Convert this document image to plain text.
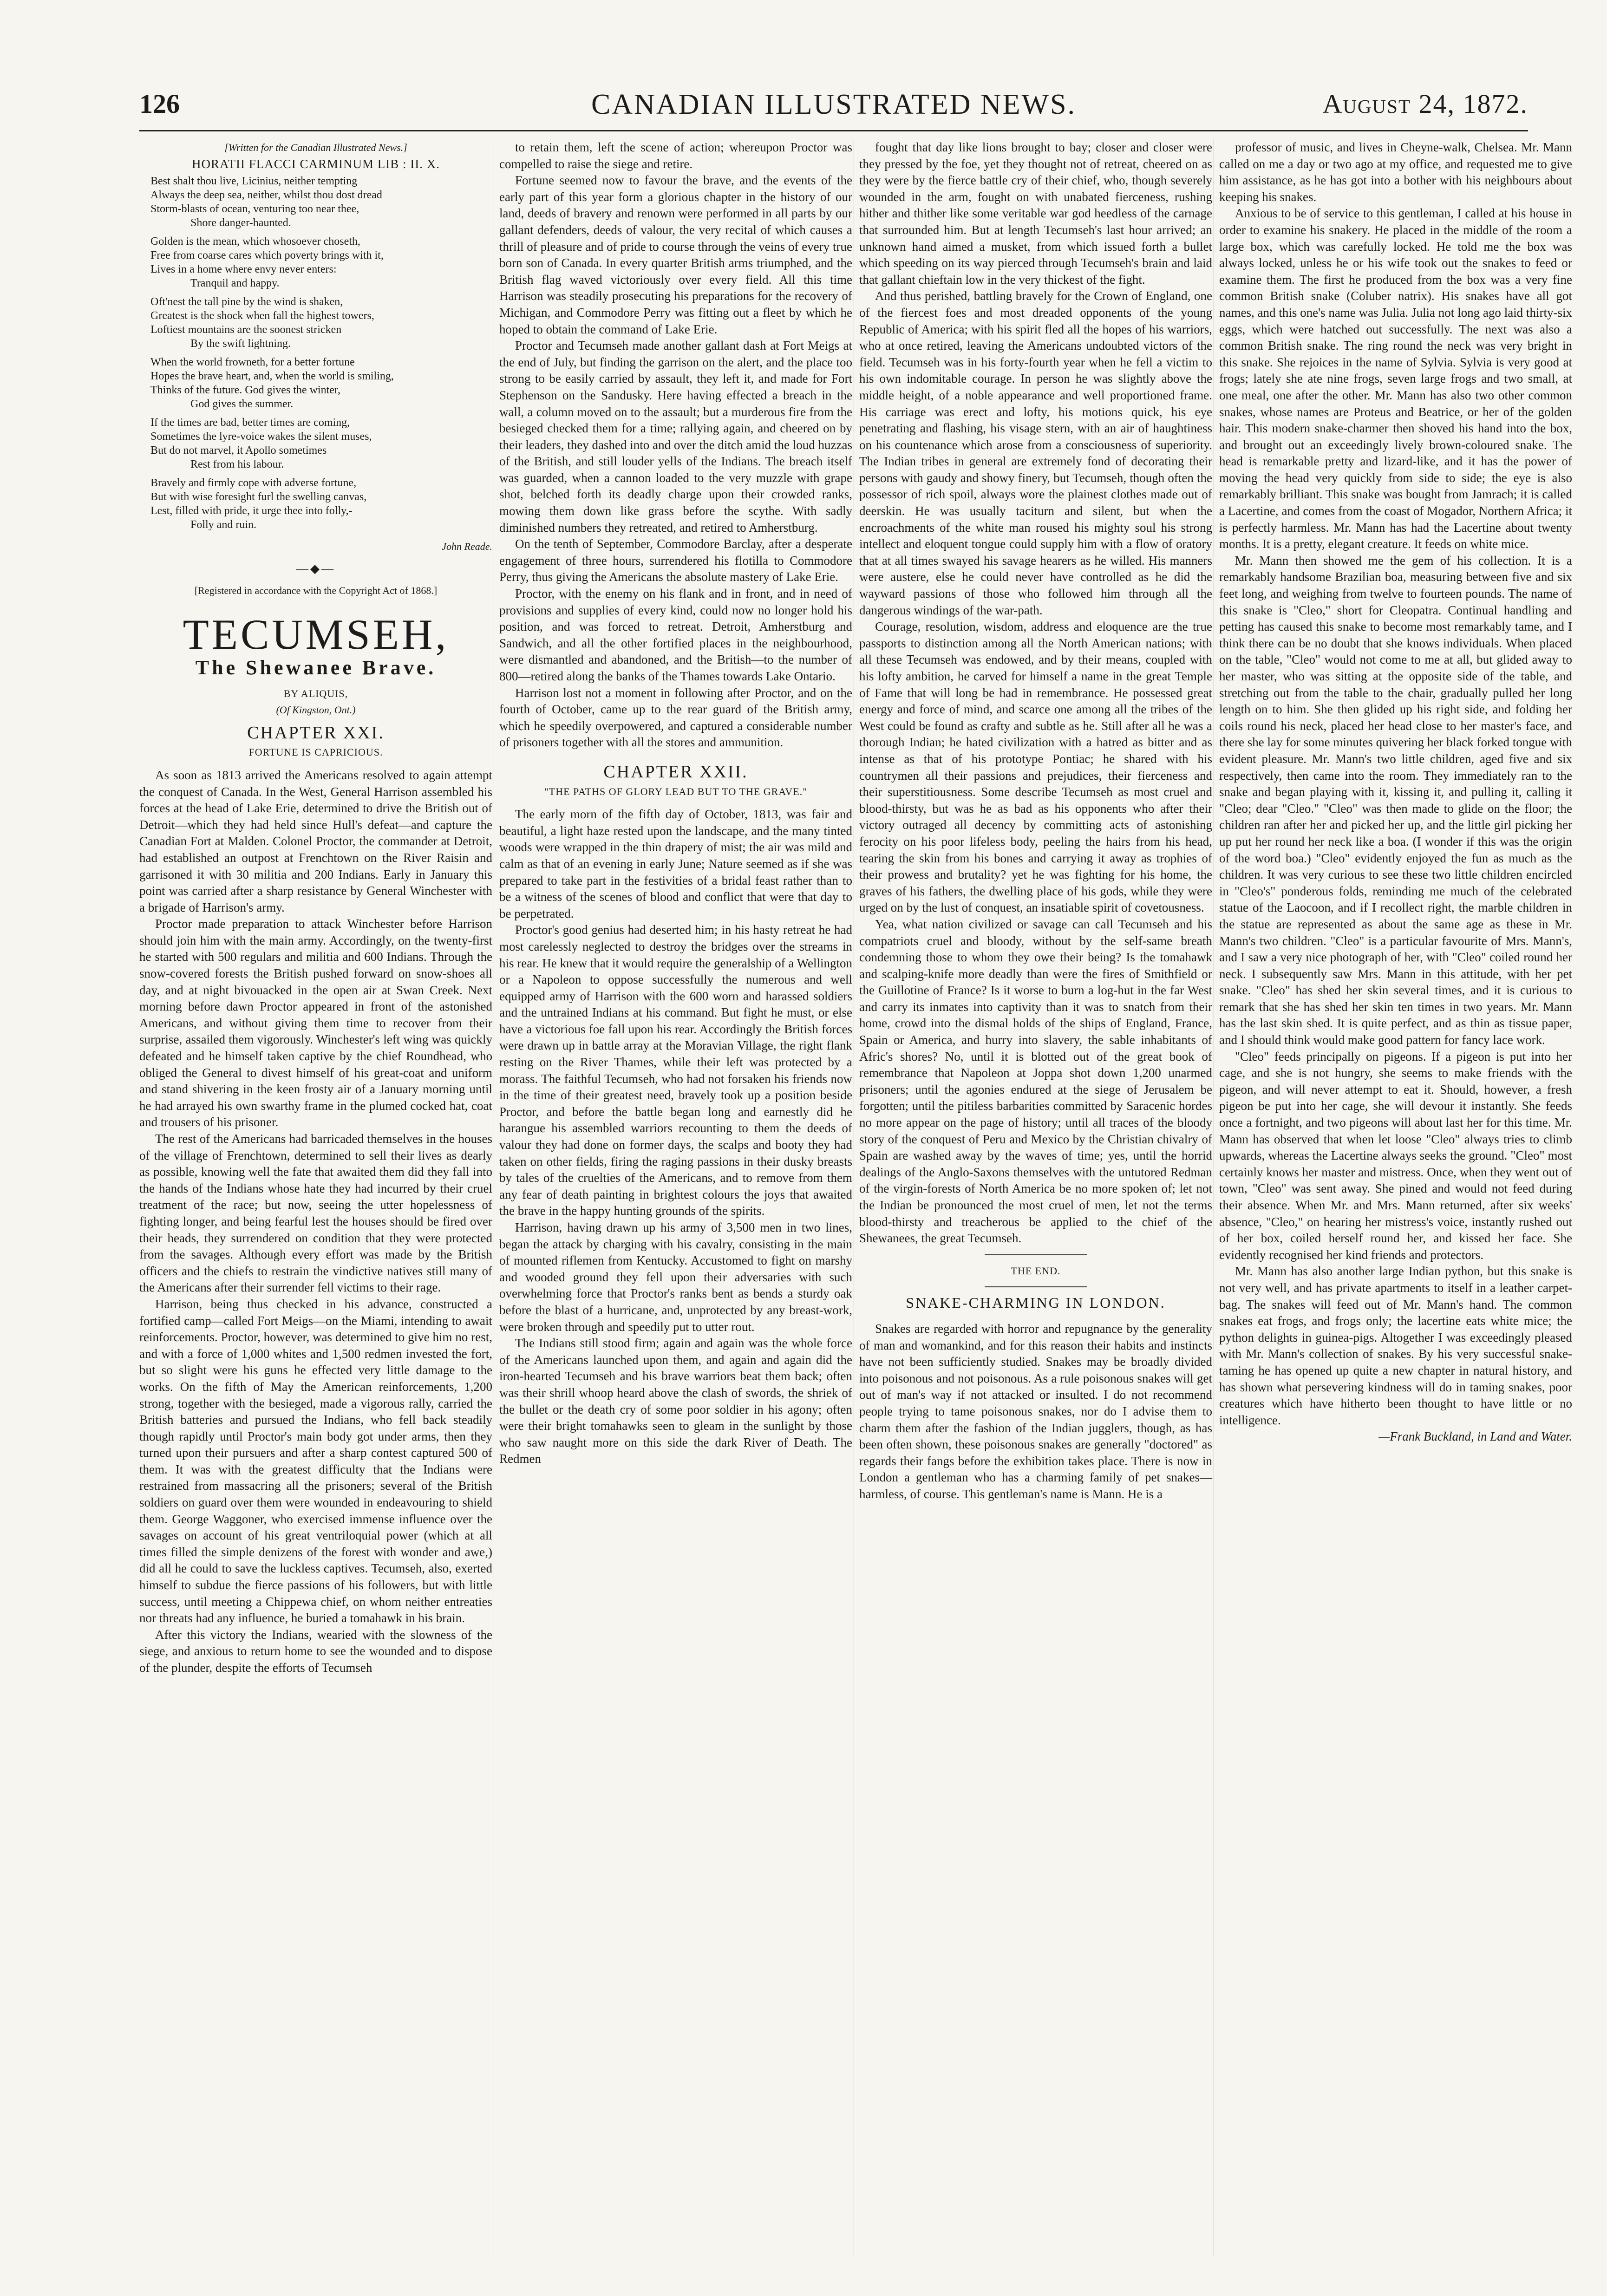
126	CANADIAN ILLUSTRATED NEWS.	August 24, 1872.

[Written for the Canadian Illustrated News.]

HORATII FLACCI CARMINUM LIB : II. X.

Best shalt thou live, Licinius, neither tempting
Always the deep sea, neither, whilst thou dost dread
Storm-blasts of ocean, venturing too near thee,
Shore danger-haunted.
Golden is the mean, which whosoever choseth,
Free from coarse cares which poverty brings with it,
Lives in a home where envy never enters:
Tranquil and happy.
Oft'nest the tall pine by the wind is shaken,
Greatest is the shock when fall the highest towers,
Loftiest mountains are the soonest stricken
By the swift lightning.
When the world frowneth, for a better fortune
Hopes the brave heart, and, when the world is smiling,
Thinks of the future. God gives the winter,
God gives the summer.
If the times are bad, better times are coming,
Sometimes the lyre-voice wakes the silent muses,
But do not marvel, it Apollo sometimes
Rest from his labour.
Bravely and firmly cope with adverse fortune,
But with wise foresight furl the swelling canvas,
Lest, filled with pride, it urge thee into folly,-
Folly and ruin.

John Reade.

—◆—

[Registered in accordance with the Copyright Act of 1868.]

TECUMSEH,
The Shewanee Brave.

BY ALIQUIS,

(Of Kingston, Ont.)

CHAPTER XXI.

FORTUNE IS CAPRICIOUS.

As soon as 1813 arrived the Americans resolved to again attempt the conquest of Canada. In the West, General Harrison assembled his forces at the head of Lake Erie, determined to drive the British out of Detroit—which they had held since Hull's defeat—and capture the Canadian Fort at Malden. Colonel Proctor, the commander at Detroit, had established an outpost at Frenchtown on the River Raisin and garrisoned it with 30 militia and 200 Indians. Early in January this point was carried after a sharp resistance by General Winchester with a brigade of Harrison's army.

Proctor made preparation to attack Winchester before Harrison should join him with the main army. Accordingly, on the twenty-first he started with 500 regulars and militia and 600 Indians. Through the snow-covered forests the British pushed forward on snow-shoes all day, and at night bivouacked in the open air at Swan Creek. Next morning before dawn Proctor appeared in front of the astonished Americans, and without giving them time to recover from their surprise, assailed them vigorously. Winchester's left wing was quickly defeated and he himself taken captive by the chief Roundhead, who obliged the General to divest himself of his great-coat and uniform and stand shivering in the keen frosty air of a January morning until he had arrayed his own swarthy frame in the plumed cocked hat, coat and trousers of his prisoner.

The rest of the Americans had barricaded themselves in the houses of the village of Frenchtown, determined to sell their lives as dearly as possible, knowing well the fate that awaited them did they fall into the hands of the Indians whose hate they had incurred by their cruel treatment of the race; but now, seeing the utter hopelessness of fighting longer, and being fearful lest the houses should be fired over their heads, they surrendered on condition that they were protected from the savages. Although every effort was made by the British officers and the chiefs to restrain the vindictive natives still many of the Americans after their surrender fell victims to their rage.

Harrison, being thus checked in his advance, constructed a fortified camp—called Fort Meigs—on the Miami, intending to await reinforcements. Proctor, however, was determined to give him no rest, and with a force of 1,000 whites and 1,500 redmen invested the fort, but so slight were his guns he effected very little damage to the works. On the fifth of May the American reinforcements, 1,200 strong, together with the besieged, made a vigorous rally, carried the British batteries and pursued the Indians, who fell back steadily though rapidly until Proctor's main body got under arms, then they turned upon their pursuers and after a sharp contest captured 500 of them. It was with the greatest difficulty that the Indians were restrained from massacring all the prisoners; several of the British soldiers on guard over them were wounded in endeavouring to shield them. George Waggoner, who exercised immense influence over the savages on account of his great ventriloquial power (which at all times filled the simple denizens of the forest with wonder and awe,) did all he could to save the luckless captives. Tecumseh, also, exerted himself to subdue the fierce passions of his followers, but with little success, until meeting a Chippewa chief, on whom neither entreaties nor threats had any influence, he buried a tomahawk in his brain.

After this victory the Indians, wearied with the slowness of the siege, and anxious to return home to see the wounded and to dispose of the plunder, despite the efforts of Tecumseh

to retain them, left the scene of action; whereupon Proctor was compelled to raise the siege and retire.

Fortune seemed now to favour the brave, and the events of the early part of this year form a glorious chapter in the history of our land, deeds of bravery and renown were performed in all parts by our gallant defenders, deeds of valour, the very recital of which causes a thrill of pleasure and of pride to course through the veins of every true born son of Canada. In every quarter British arms triumphed, and the British flag waved victoriously over every field. All this time Harrison was steadily prosecuting his preparations for the recovery of Michigan, and Commodore Perry was fitting out a fleet by which he hoped to obtain the command of Lake Erie.

Proctor and Tecumseh made another gallant dash at Fort Meigs at the end of July, but finding the garrison on the alert, and the place too strong to be easily carried by assault, they left it, and made for Fort Stephenson on the Sandusky. Here having effected a breach in the wall, a column moved on to the assault; but a murderous fire from the besieged checked them for a time; rallying again, and cheered on by their leaders, they dashed into and over the ditch amid the loud huzzas of the British, and still louder yells of the Indians. The breach itself was guarded, when a cannon loaded to the very muzzle with grape shot, belched forth its deadly charge upon their crowded ranks, mowing them down like grass before the scythe. With sadly diminished numbers they retreated, and retired to Amherstburg.

On the tenth of September, Commodore Barclay, after a desperate engagement of three hours, surrendered his flotilla to Commodore Perry, thus giving the Americans the absolute mastery of Lake Erie.

Proctor, with the enemy on his flank and in front, and in need of provisions and supplies of every kind, could now no longer hold his position, and was forced to retreat. Detroit, Amherstburg and Sandwich, and all the other fortified places in the neighbourhood, were dismantled and abandoned, and the British—to the number of 800—retired along the banks of the Thames towards Lake Ontario.

Harrison lost not a moment in following after Proctor, and on the fourth of October, came up to the rear guard of the British army, which he speedily overpowered, and captured a considerable number of prisoners together with all the stores and ammunition.

CHAPTER XXII.

"THE PATHS OF GLORY LEAD BUT TO THE GRAVE."

The early morn of the fifth day of October, 1813, was fair and beautiful, a light haze rested upon the landscape, and the many tinted woods were wrapped in the thin drapery of mist; the air was mild and calm as that of an evening in early June; Nature seemed as if she was prepared to take part in the festivities of a bridal feast rather than to be a witness of the scenes of blood and conflict that were that day to be perpetrated.

Proctor's good genius had deserted him; in his hasty retreat he had most carelessly neglected to destroy the bridges over the streams in his rear. He knew that it would require the generalship of a Wellington or a Napoleon to oppose successfully the numerous and well equipped army of Harrison with the 600 worn and harassed soldiers and the untrained Indians at his command. But fight he must, or else have a victorious foe fall upon his rear. Accordingly the British forces were drawn up in battle array at the Moravian Village, the right flank resting on the River Thames, while their left was protected by a morass. The faithful Tecumseh, who had not forsaken his friends now in the time of their greatest need, bravely took up a position beside Proctor, and before the battle began long and earnestly did he harangue his assembled warriors recounting to them the deeds of valour they had done on former days, the scalps and booty they had taken on other fields, firing the raging passions in their dusky breasts by tales of the cruelties of the Americans, and to remove from them any fear of death painting in brightest colours the joys that awaited the brave in the happy hunting grounds of the spirits.

Harrison, having drawn up his army of 3,500 men in two lines, began the attack by charging with his cavalry, consisting in the main of mounted riflemen from Kentucky. Accustomed to fight on marshy and wooded ground they fell upon their adversaries with such overwhelming force that Proctor's ranks bent as bends a sturdy oak before the blast of a hurricane, and, unprotected by any breast-work, were broken through and speedily put to utter rout.

The Indians still stood firm; again and again was the whole force of the Americans launched upon them, and again and again did the iron-hearted Tecumseh and his brave warriors beat them back; often was their shrill whoop heard above the clash of swords, the shriek of the bullet or the death cry of some poor soldier in his agony; often were their bright tomahawks seen to gleam in the sunlight by those who saw naught more on this side the dark River of Death. The Redmen

fought that day like lions brought to bay; closer and closer were they pressed by the foe, yet they thought not of retreat, cheered on as they were by the fierce battle cry of their chief, who, though severely wounded in the arm, fought on with unabated fierceness, rushing hither and thither like some veritable war god heedless of the carnage that surrounded him. But at length Tecumseh's last hour arrived; an unknown hand aimed a musket, from which issued forth a bullet which speeding on its way pierced through Tecumseh's brain and laid that gallant chieftain low in the very thickest of the fight.

And thus perished, battling bravely for the Crown of England, one of the fiercest foes and most dreaded opponents of the young Republic of America; with his spirit fled all the hopes of his warriors, who at once retired, leaving the Americans undoubted victors of the field. Tecumseh was in his forty-fourth year when he fell a victim to his own indomitable courage. In person he was slightly above the middle height, of a noble appearance and well proportioned frame. His carriage was erect and lofty, his motions quick, his eye penetrating and flashing, his visage stern, with an air of haughtiness on his countenance which arose from a consciousness of superiority. The Indian tribes in general are extremely fond of decorating their persons with gaudy and showy finery, but Tecumseh, though often the possessor of rich spoil, always wore the plainest clothes made out of deerskin. He was usually taciturn and silent, but when the encroachments of the white man roused his mighty soul his strong intellect and eloquent tongue could supply him with a flow of oratory that at all times swayed his savage hearers as he willed. His manners were austere, else he could never have controlled as he did the wayward passions of those who followed him through all the dangerous windings of the war-path.

Courage, resolution, wisdom, address and eloquence are the true passports to distinction among all the North American nations; with all these Tecumseh was endowed, and by their means, coupled with his lofty ambition, he carved for himself a name in the great Temple of Fame that will long be had in remembrance. He possessed great energy and force of mind, and scarce one among all the tribes of the West could be found as crafty and subtle as he. Still after all he was a thorough Indian; he hated civilization with a hatred as bitter and as intense as that of his prototype Pontiac; he shared with his countrymen all their passions and prejudices, their fierceness and their superstitiousness. Some describe Tecumseh as most cruel and blood-thirsty, but was he as bad as his opponents who after their victory outraged all decency by committing acts of astonishing ferocity on his poor lifeless body, peeling the hairs from his head, tearing the skin from his bones and carrying it away as trophies of their prowess and brutality? yet he was fighting for his home, the graves of his fathers, the dwelling place of his gods, while they were urged on by the lust of conquest, an insatiable spirit of covetousness.

Yea, what nation civilized or savage can call Tecumseh and his compatriots cruel and bloody, without by the self-same breath condemning those to whom they owe their being? Is the tomahawk and scalping-knife more deadly than were the fires of Smithfield or the Guillotine of France? Is it worse to burn a log-hut in the far West and carry its inmates into captivity than it was to snatch from their home, crowd into the dismal holds of the ships of England, France, Spain or America, and hurry into slavery, the sable inhabitants of Afric's shores? No, until it is blotted out of the great book of remembrance that Napoleon at Joppa shot down 1,200 unarmed prisoners; until the agonies endured at the siege of Jerusalem be forgotten; until the pitiless barbarities committed by Saracenic hordes no more appear on the page of history; until all traces of the bloody story of the conquest of Peru and Mexico by the Christian chivalry of Spain are washed away by the waves of time; yes, until the horrid dealings of the Anglo-Saxons themselves with the untutored Redman of the virgin-forests of North America be no more spoken of; let not the Indian be pronounced the most cruel of men, let not the terms blood-thirsty and treacherous be applied to the chief of the Shewanees, the great Tecumseh.

THE END.

SNAKE-CHARMING IN LONDON.

Snakes are regarded with horror and repugnance by the generality of man and womankind, and for this reason their habits and instincts have not been sufficiently studied. Snakes may be broadly divided into poisonous and not poisonous. As a rule poisonous snakes will get out of man's way if not attacked or insulted. I do not recommend people trying to tame poisonous snakes, nor do I advise them to charm them after the fashion of the Indian jugglers, though, as has been often shown, these poisonous snakes are generally "doctored" as regards their fangs before the exhibition takes place. There is now in London a gentleman who has a charming family of pet snakes—harmless, of course. This gentleman's name is Mann. He is a

professor of music, and lives in Cheyne-walk, Chelsea. Mr. Mann called on me a day or two ago at my office, and requested me to give him assistance, as he has got into a bother with his neighbours about keeping his snakes.

Anxious to be of service to this gentleman, I called at his house in order to examine his snakery. He placed in the middle of the room a large box, which was carefully locked. He told me the box was always locked, unless he or his wife took out the snakes to feed or examine them. The first he produced from the box was a very fine common British snake (Coluber natrix). His snakes have all got names, and this one's name was Julia. Julia not long ago laid thirty-six eggs, which were hatched out successfully. The next was also a common British snake. The ring round the neck was very bright in this snake. She rejoices in the name of Sylvia. Sylvia is very good at frogs; lately she ate nine frogs, seven large frogs and two small, at one meal, one after the other. Mr. Mann has also two other common snakes, whose names are Proteus and Beatrice, or her of the golden hair. This modern snake-charmer then shoved his hand into the box, and brought out an exceedingly lively brown-coloured snake. The head is remarkable pretty and lizard-like, and it has the power of moving the head very quickly from side to side; the eye is also remarkably brilliant. This snake was bought from Jamrach; it is called a Lacertine, and comes from the coast of Mogador, Northern Africa; it is perfectly harmless. Mr. Mann has had the Lacertine about twenty months. It is a pretty, elegant creature. It feeds on white mice.

Mr. Mann then showed me the gem of his collection. It is a remarkably handsome Brazilian boa, measuring between five and six feet long, and weighing from twelve to fourteen pounds. The name of this snake is "Cleo," short for Cleopatra. Continual handling and petting has caused this snake to become most remarkably tame, and I think there can be no doubt that she knows individuals. When placed on the table, "Cleo" would not come to me at all, but glided away to her master, who was sitting at the opposite side of the table, and stretching out from the table to the chair, gradually pulled her long length on to him. She then glided up his right side, and folding her coils round his neck, placed her head close to her master's face, and there she lay for some minutes quivering her black forked tongue with evident pleasure. Mr. Mann's two little children, aged five and six respectively, then came into the room. They immediately ran to the snake and began playing with it, kissing it, and pulling it, calling it "Cleo; dear "Cleo." "Cleo" was then made to glide on the floor; the children ran after her and picked her up, and the little girl picking her up put her round her neck like a boa. (I wonder if this was the origin of the word boa.) "Cleo" evidently enjoyed the fun as much as the children. It was very curious to see these two little children encircled in "Cleo's" ponderous folds, reminding me much of the celebrated statue of the Laocoon, and if I recollect right, the marble children in the statue are represented as about the same age as these in Mr. Mann's two children. "Cleo" is a particular favourite of Mrs. Mann's, and I saw a very nice photograph of her, with "Cleo" coiled round her neck. I subsequently saw Mrs. Mann in this attitude, with her pet snake. "Cleo" has shed her skin several times, and it is curious to remark that she has shed her skin ten times in two years. Mr. Mann has the last skin shed. It is quite perfect, and as thin as tissue paper, and I should think would make good pattern for fancy lace work.

"Cleo" feeds principally on pigeons. If a pigeon is put into her cage, and she is not hungry, she seems to make friends with the pigeon, and will never attempt to eat it. Should, however, a fresh pigeon be put into her cage, she will devour it instantly. She feeds once a fortnight, and two pigeons will about last her for this time. Mr. Mann has observed that when let loose "Cleo" always tries to climb upwards, whereas the Lacertine always seeks the ground. "Cleo" most certainly knows her master and mistress. Once, when they went out of town, "Cleo" was sent away. She pined and would not feed during their absence. When Mr. and Mrs. Mann returned, after six weeks' absence, "Cleo," on hearing her mistress's voice, instantly rushed out of her box, coiled herself round her, and kissed her face. She evidently recognised her kind friends and protectors.

Mr. Mann has also another large Indian python, but this snake is not very well, and has private apartments to itself in a leather carpet-bag. The snakes will feed out of Mr. Mann's hand. The common snakes eat frogs, and frogs only; the lacertine eats white mice; the python delights in guinea-pigs. Altogether I was exceedingly pleased with Mr. Mann's collection of snakes. By his very successful snake-taming he has opened up quite a new chapter in natural history, and has shown what persevering kindness will do in taming snakes, poor creatures which have hitherto been thought to have little or no intelligence.

—Frank Buckland, in Land and Water.
